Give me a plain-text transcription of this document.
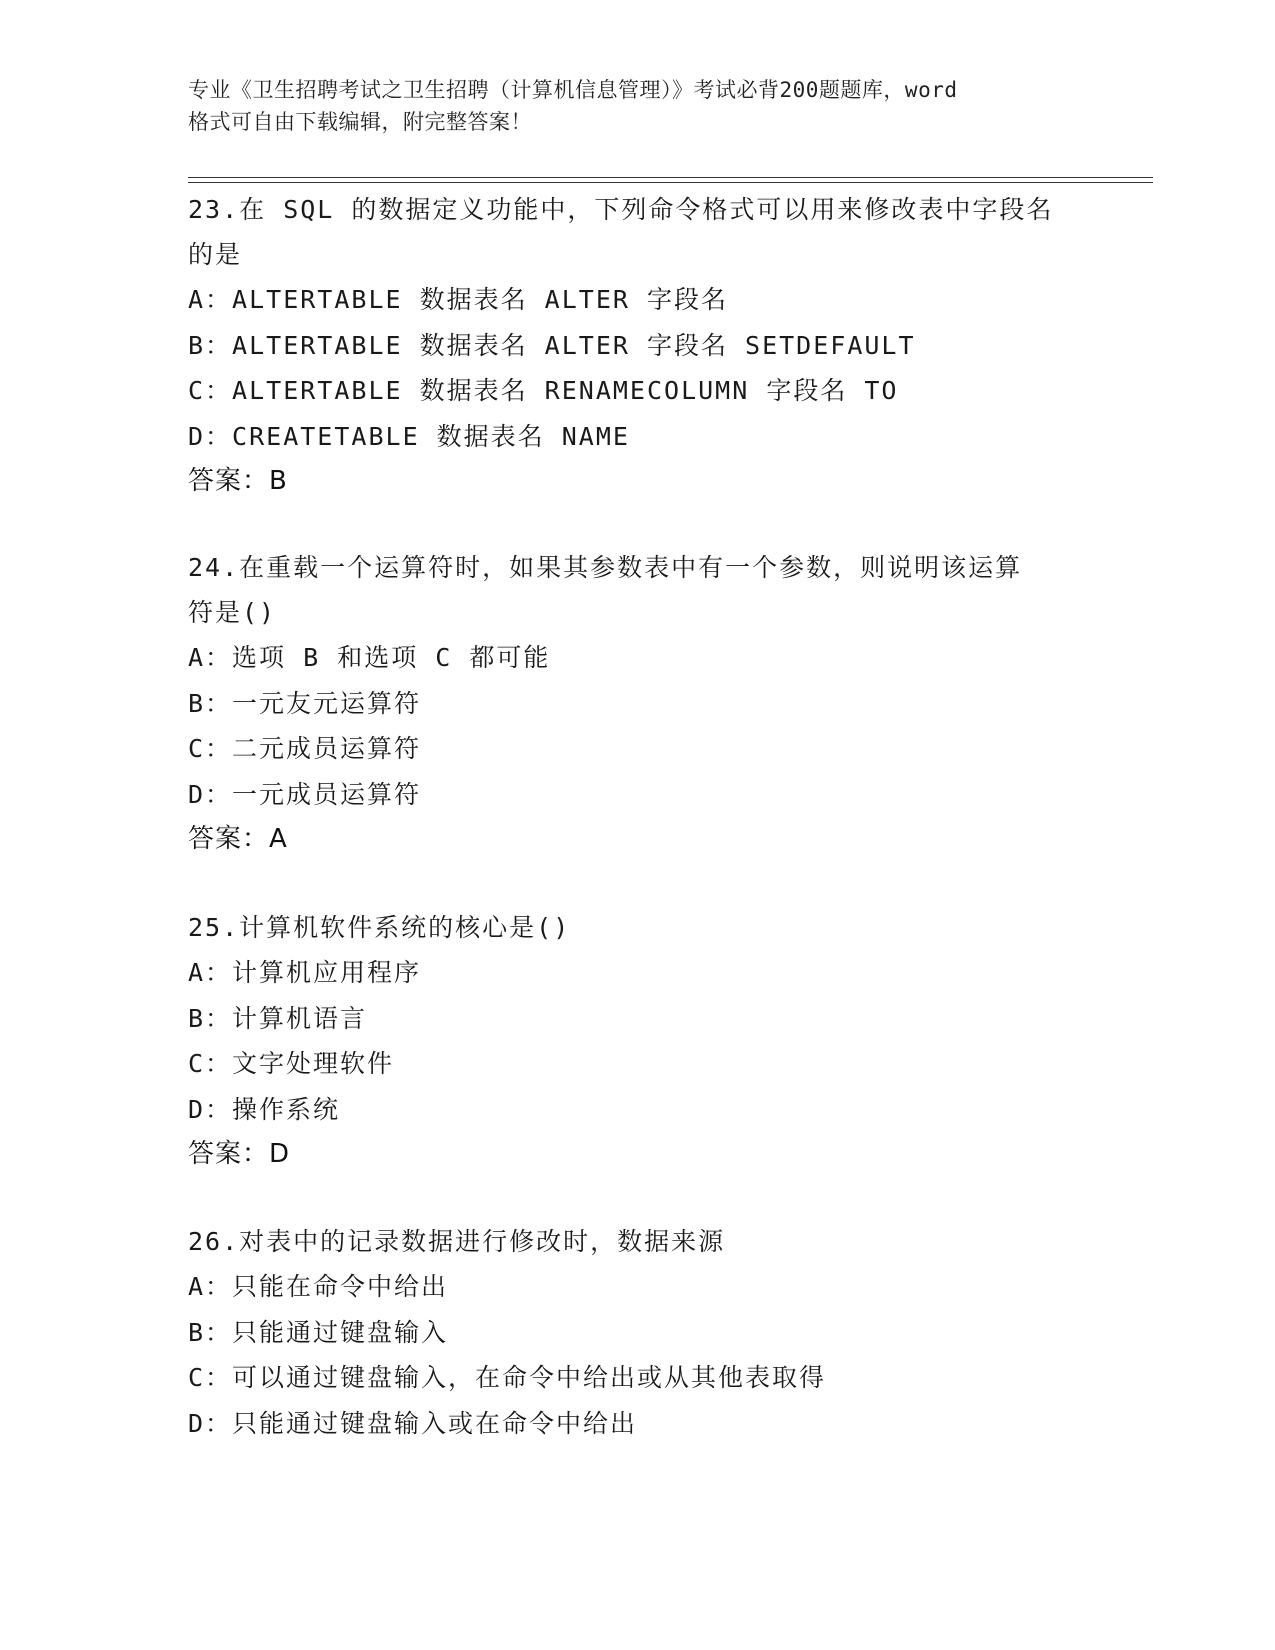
专业《卫生招聘考试之卫生招聘（计算机信息管理）》考试必背200题题库，word
格式可自由下载编辑，附完整答案！
23.在 SQL 的数据定义功能中，下列命令格式可以用来修改表中字段名
的是
A：ALTERTABLE 数据表名 ALTER 字段名
B：ALTERTABLE 数据表名 ALTER 字段名 SETDEFAULT
C：ALTERTABLE 数据表名 RENAMECOLUMN 字段名 TO
D：CREATETABLE 数据表名 NAME
答案：B
24.在重载一个运算符时，如果其参数表中有一个参数，则说明该运算
符是()
A：选项 B 和选项 C 都可能
B：一元友元运算符
C：二元成员运算符
D：一元成员运算符
答案：A
25.计算机软件系统的核心是()
A：计算机应用程序
B：计算机语言
C：文字处理软件
D：操作系统
答案：D
26.对表中的记录数据进行修改时，数据来源
A：只能在命令中给出
B：只能通过键盘输入
C：可以通过键盘输入，在命令中给出或从其他表取得
D：只能通过键盘输入或在命令中给出
